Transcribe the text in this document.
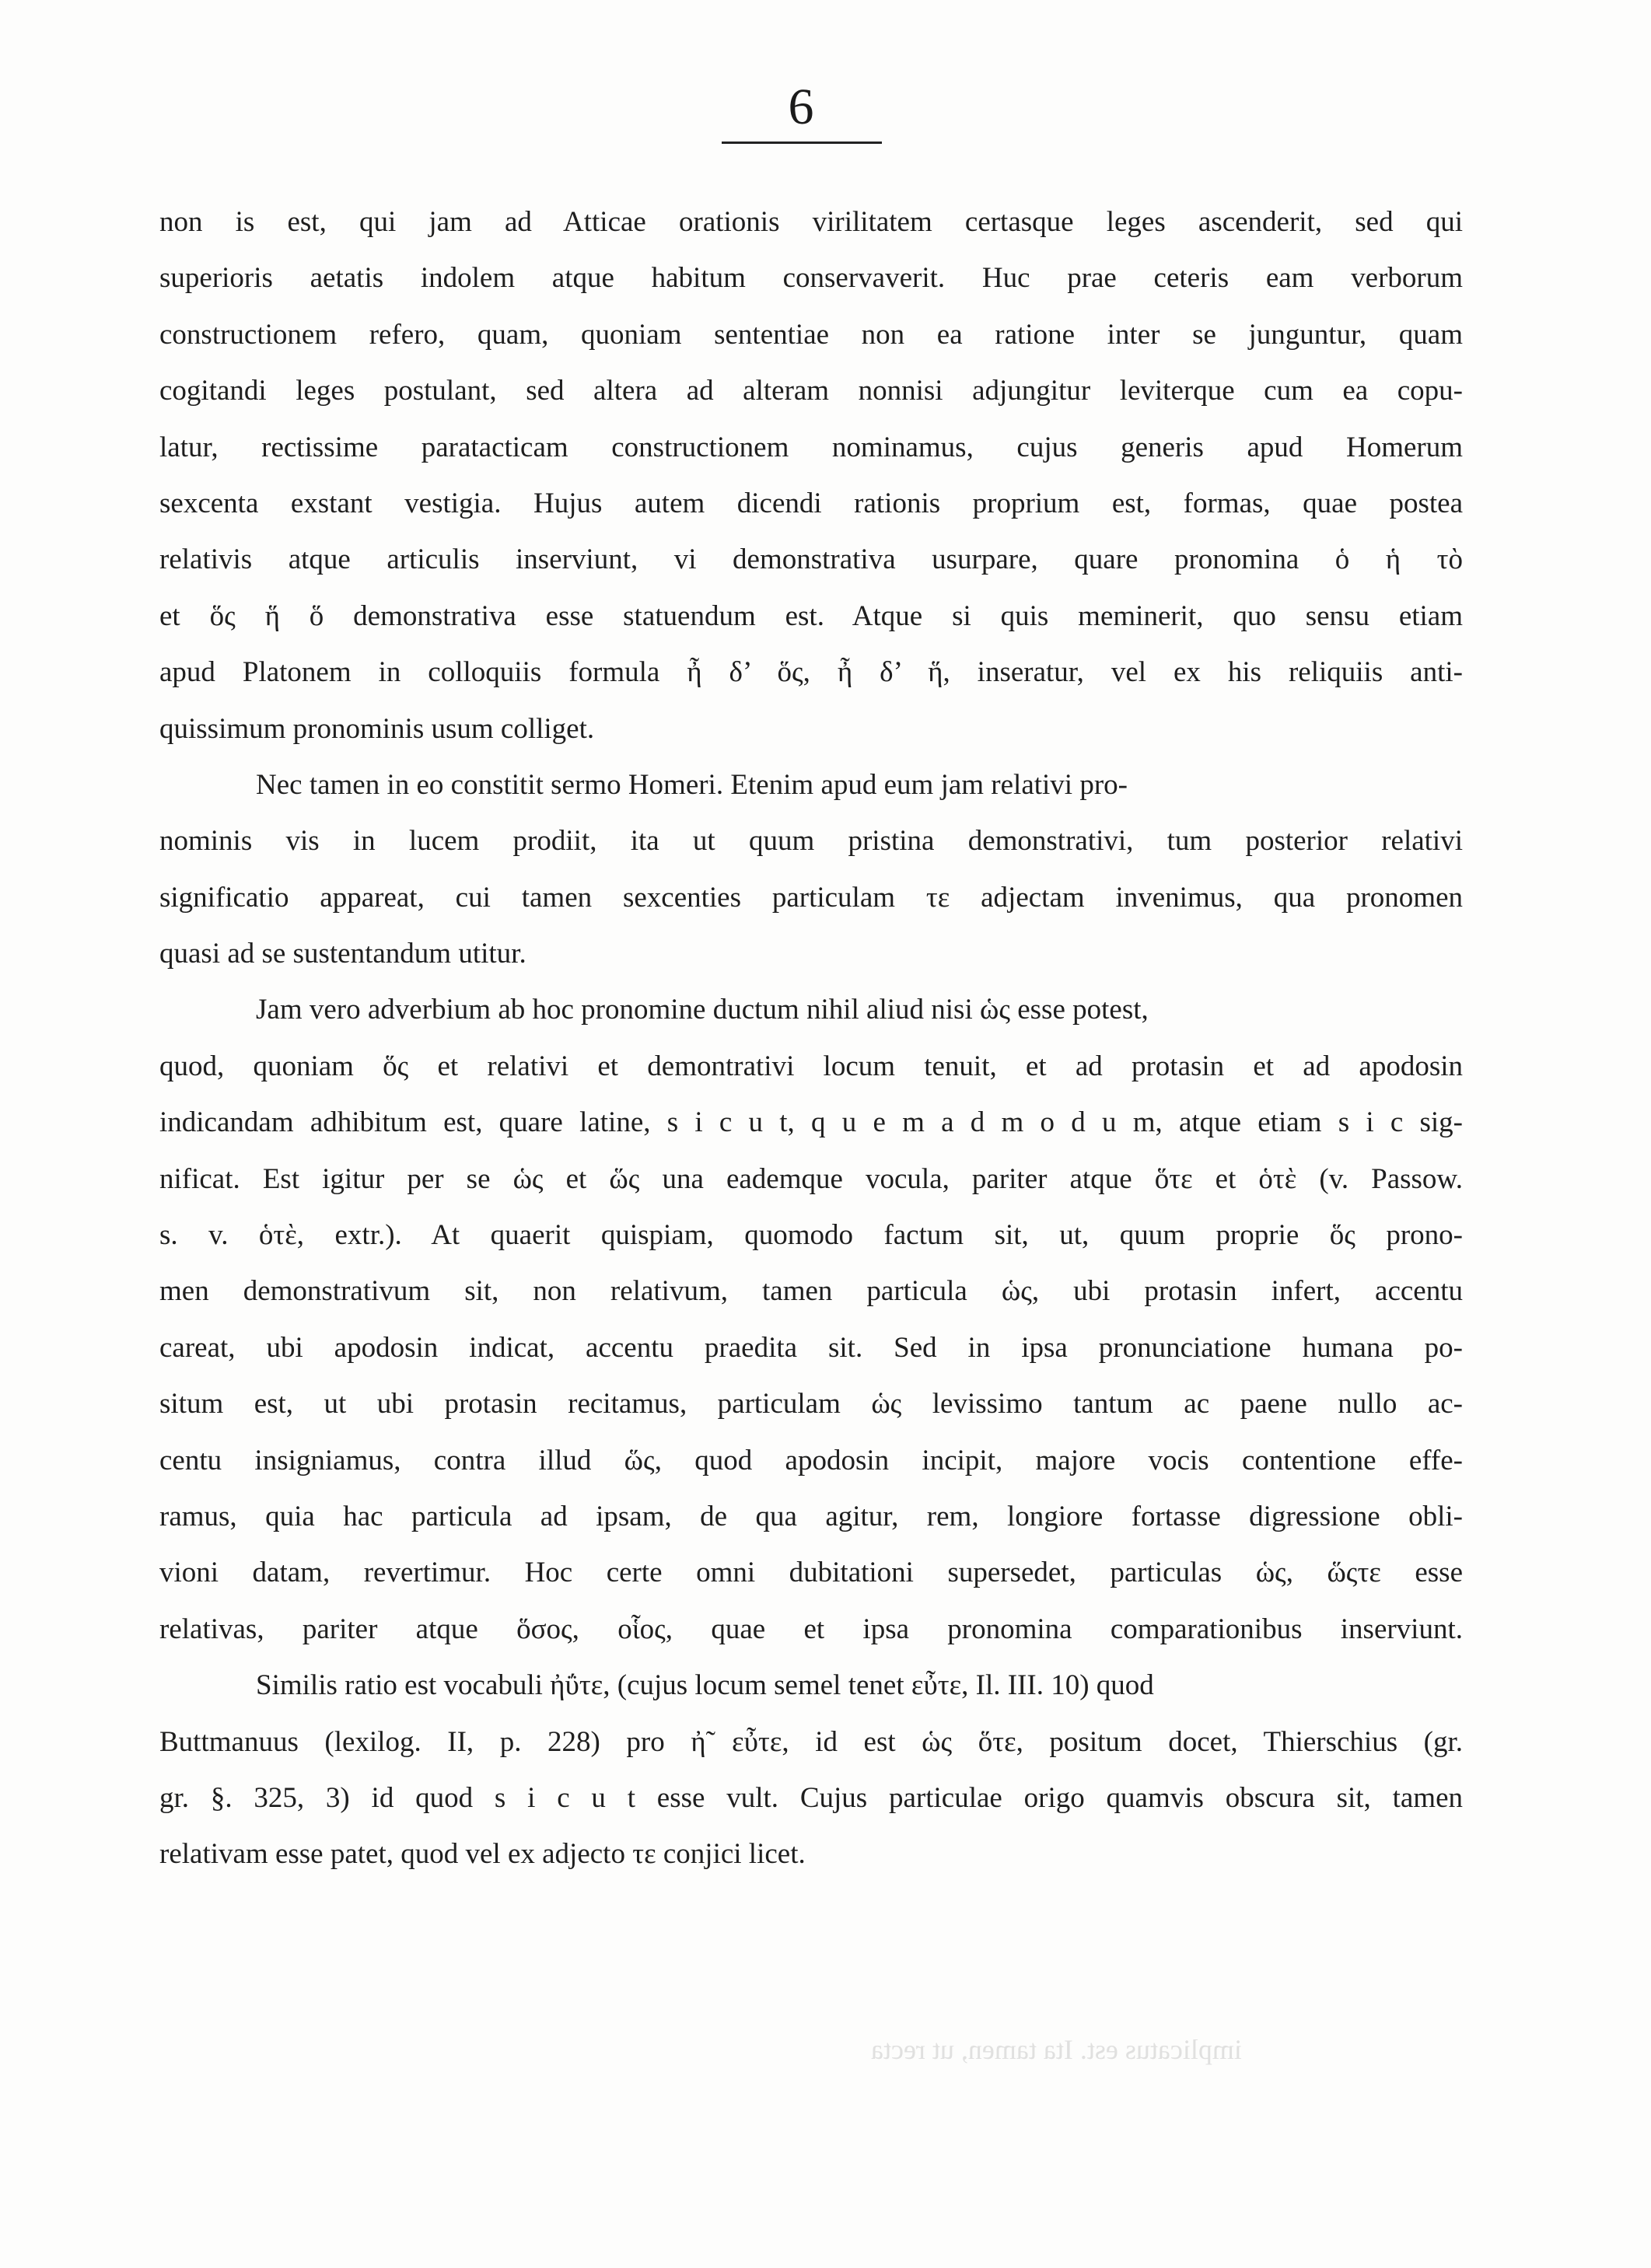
6
non is est, qui jam ad Atticae orationis virilitatem certasque leges ascenderit, sed qui
superioris aetatis indolem atque habitum conservaverit. Huc prae ceteris eam verborum
constructionem refero, quam, quoniam sententiae non ea ratione inter se junguntur, quam
cogitandi leges postulant, sed altera ad alteram nonnisi adjungitur leviterque cum ea copu-
latur, rectissime paratacticam constructionem nominamus, cujus generis apud Homerum
sexcenta exstant vestigia. Hujus autem dicendi rationis proprium est, formas, quae postea
relativis atque articulis inserviunt, vi demonstrativa usurpare, quare pronomina ὁ ἡ τὸ
et ὅς ἥ ὅ demonstrativa esse statuendum est. Atque si quis meminerit, quo sensu etiam
apud Platonem in colloquiis formula ἦ δ’ ὅς, ἦ δ’ ἥ, inseratur, vel ex his reliquiis anti-
quissimum pronominis usum colliget.
Nec tamen in eo constitit sermo Homeri. Etenim apud eum jam relativi pro-
nominis vis in lucem prodiit, ita ut quum pristina demonstrativi, tum posterior relativi
significatio appareat, cui tamen sexcenties particulam τε adjectam invenimus, qua pronomen
quasi ad se sustentandum utitur.
Jam vero adverbium ab hoc pronomine ductum nihil aliud nisi ὡς esse potest,
quod, quoniam ὅς et relativi et demontrativi locum tenuit, et ad protasin et ad apodosin
indicandam adhibitum est, quare latine, s i c u t, q u e m a d m o d u m, atque etiam s i c sig-
nificat. Est igitur per se ὡς et ὥς una eademque vocula, pariter atque ὅτε et ὁτὲ (v. Passow.
s. v. ὁτὲ, extr.). At quaerit quispiam, quomodo factum sit, ut, quum proprie ὅς prono-
men demonstrativum sit, non relativum, tamen particula ὡς, ubi protasin infert, accentu
careat, ubi apodosin indicat, accentu praedita sit. Sed in ipsa pronunciatione humana po-
situm est, ut ubi protasin recitamus, particulam ὡς levissimo tantum ac paene nullo ac-
centu insigniamus, contra illud ὥς, quod apodosin incipit, majore vocis contentione effe-
ramus, quia hac particula ad ipsam, de qua agitur, rem, longiore fortasse digressione obli-
vioni datam, revertimur. Hoc certe omni dubitationi supersedet, particulas ὡς, ὥςτε esse
relativas, pariter atque ὅσος, οἷος, quae et ipsa pronomina comparationibus inserviunt.
Similis ratio est vocabuli ἠΰτε, (cujus locum semel tenet εὖτε, Il. III. 10) quod
Buttmanuus (lexilog. II, p. 228) pro ἠ̃ εὖτε, id est ὡς ὅτε, positum docet, Thierschius (gr.
gr. §. 325, 3) id quod s i c u t esse vult. Cujus particulae origo quamvis obscura sit, tamen
relativam esse patet, quod vel ex adjecto τε conjici licet.
implicatus est. Ita tamen, ut recta
